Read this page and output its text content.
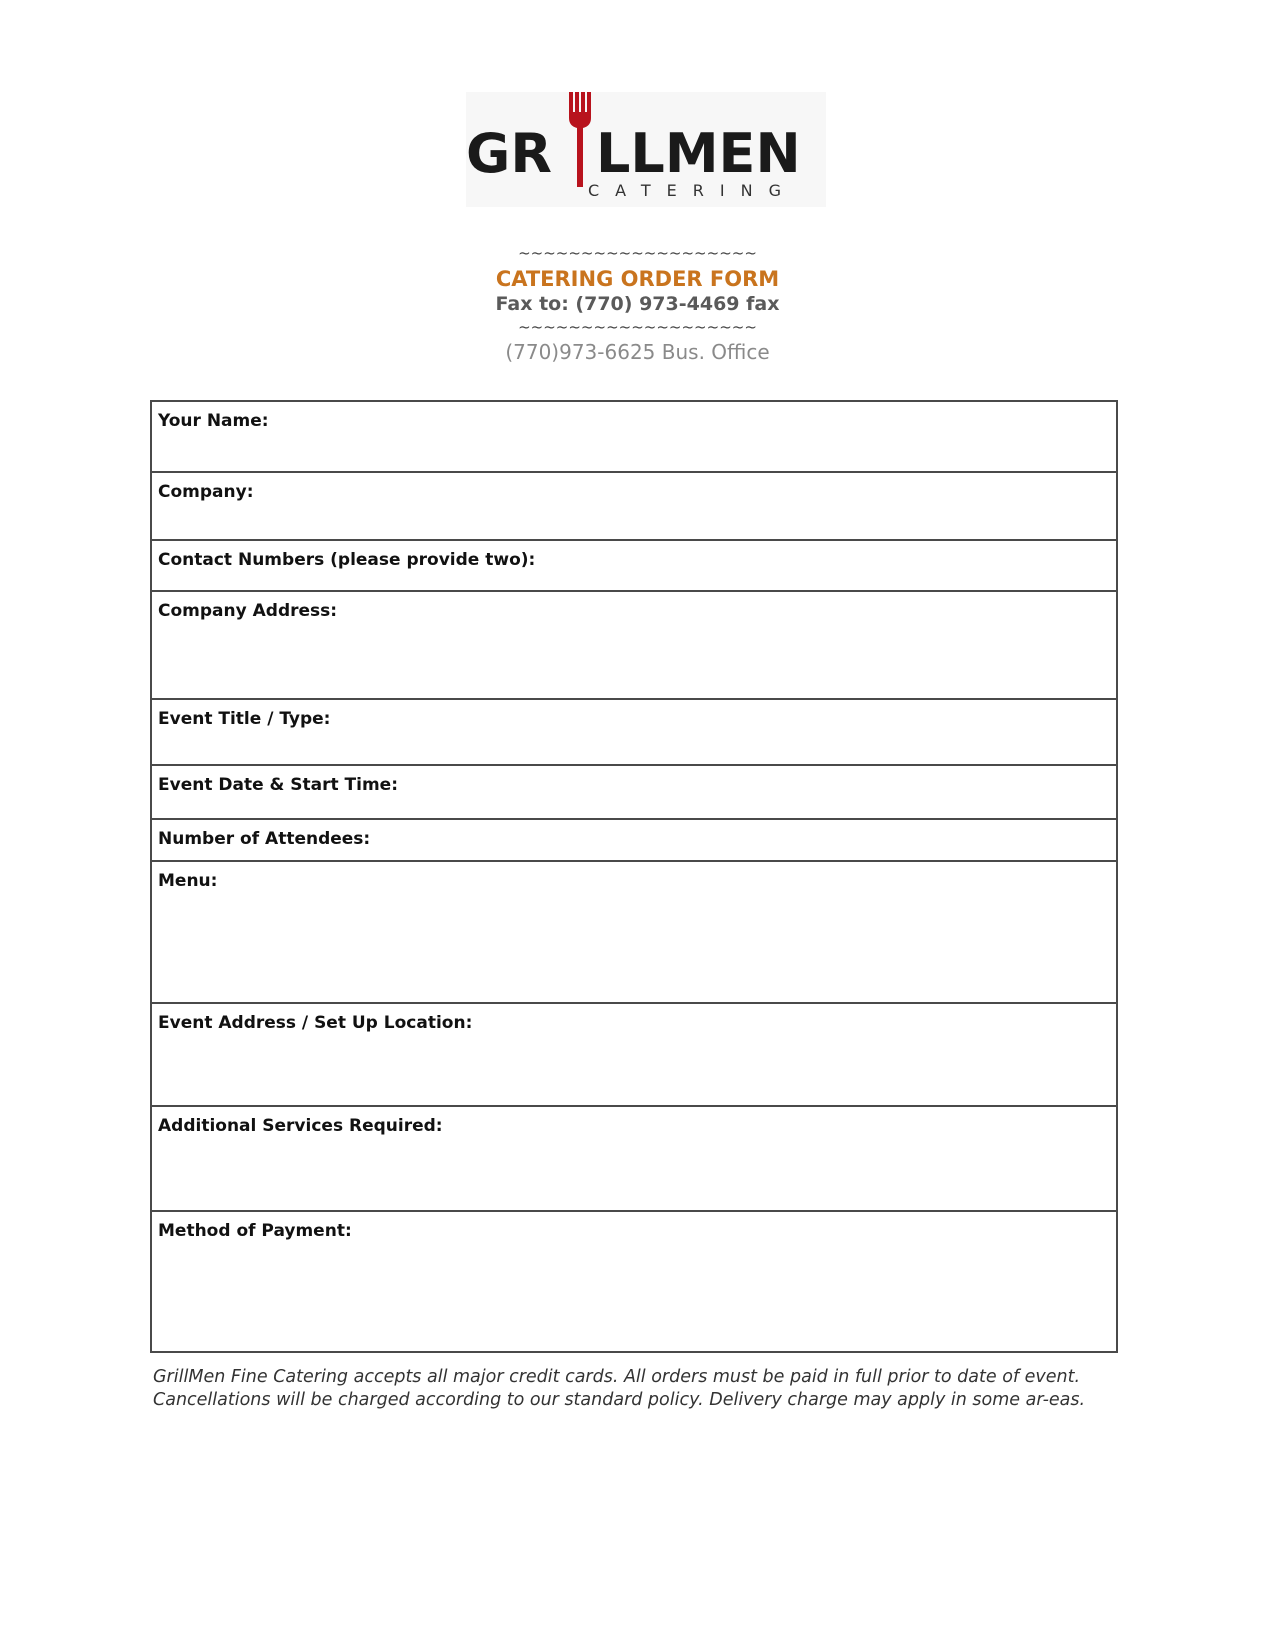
GR LLMEN
CATERING
~~~~~~~~~~~~~~~~~~~
CATERING ORDER FORM
Fax to: (770) 973-4469 fax
~~~~~~~~~~~~~~~~~~~
(770)973-6625 Bus. Office
Your Name:
Company:
Contact Numbers (please provide two):
Company Address:
Event Title / Type:
Event Date & Start Time:
Number of Attendees:
Menu:
Event Address / Set Up Location:
Additional Services Required:
Method of Payment:
GrillMen Fine Catering accepts all major credit cards. All orders must be paid in full prior to date of event. Cancellations will be charged according to our standard policy. Delivery charge may apply in some ar-eas.
